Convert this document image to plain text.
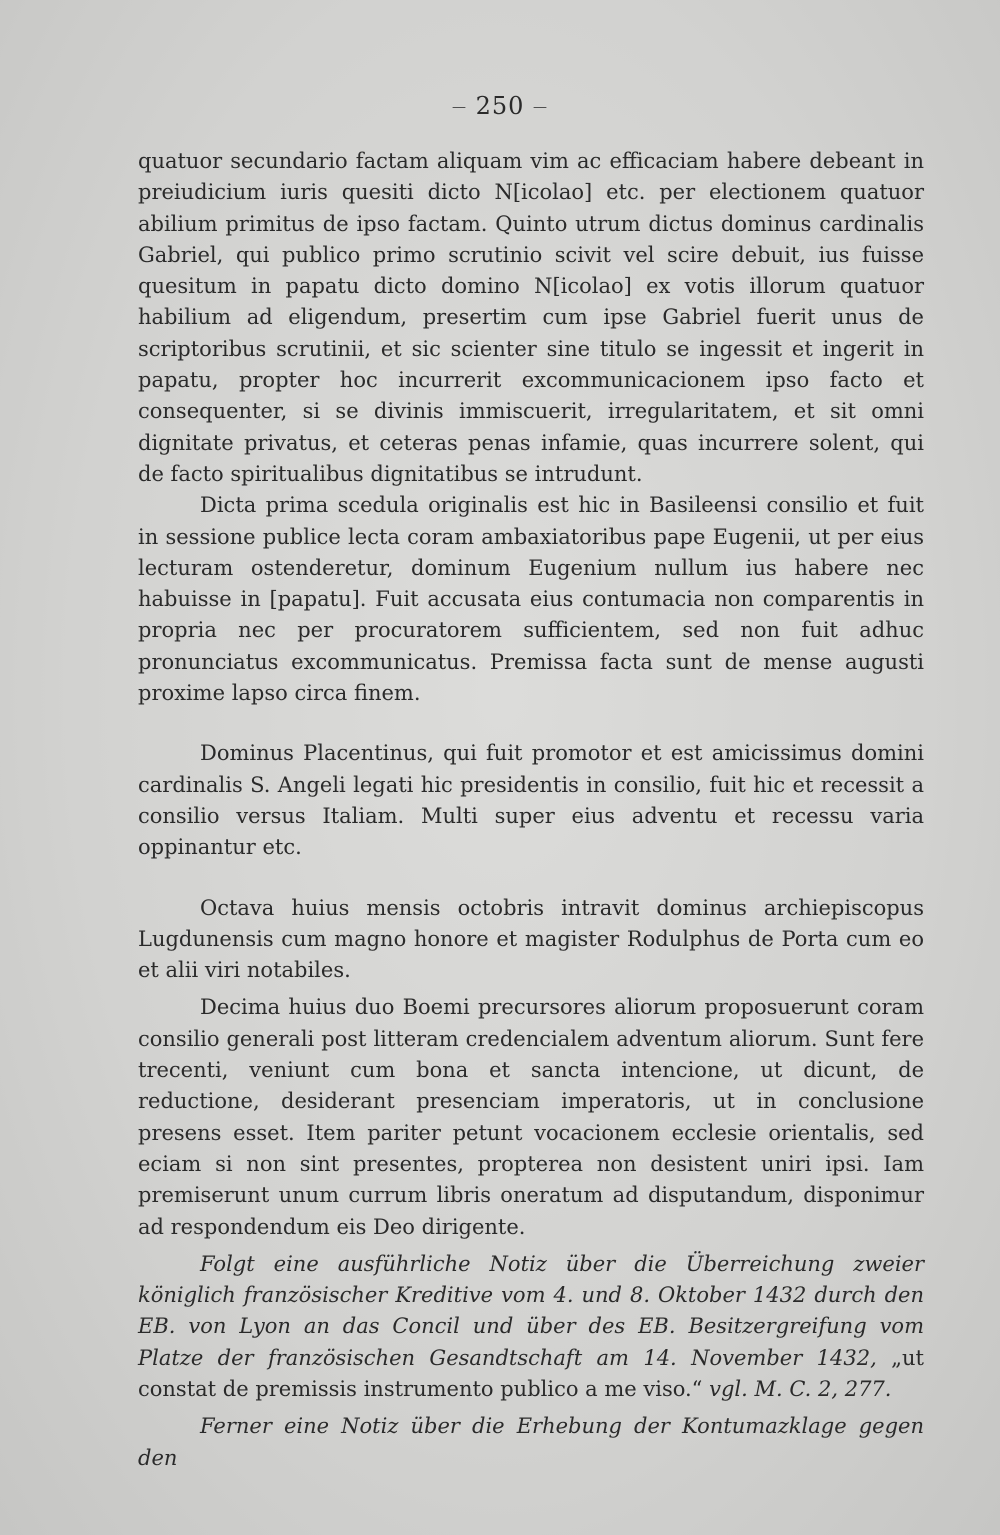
— 250 —

quatuor secundario factam aliquam vim ac efficaciam habere debeant in preiudicium iuris quesiti dicto N[icolao] etc. per electionem quatuor abilium primitus de ipso factam. Quinto utrum dictus dominus cardinalis Gabriel, qui publico primo scrutinio scivit vel scire debuit, ius fuisse quesitum in papatu dicto domino N[icolao] ex votis illorum quatuor habilium ad eligendum, presertim cum ipse Gabriel fuerit unus de scriptoribus scrutinii, et sic scienter sine titulo se ingessit et ingerit in papatu, propter hoc incurrerit excommunicacionem ipso facto et consequenter, si se divinis immiscuerit, irregularitatem, et sit omni dignitate privatus, et ceteras penas infamie, quas incurrere solent, qui de facto spiritualibus dignitatibus se intrudunt.

Dicta prima scedula originalis est hic in Basileensi consilio et fuit in sessione publice lecta coram ambaxiatoribus pape Eugenii, ut per eius lecturam ostenderetur, dominum Eugenium nullum ius habere nec habuisse in [papatu]. Fuit accusata eius contumacia non comparentis in propria nec per procuratorem sufficientem, sed non fuit adhuc pronunciatus excommunicatus. Premissa facta sunt de mense augusti proxime lapso circa finem.

Dominus Placentinus, qui fuit promotor et est amicissimus domini cardinalis S. Angeli legati hic presidentis in consilio, fuit hic et recessit a consilio versus Italiam. Multi super eius adventu et recessu varia oppinantur etc.

Octava huius mensis octobris intravit dominus archiepiscopus Lugdunensis cum magno honore et magister Rodulphus de Porta cum eo et alii viri notabiles.

Decima huius duo Boemi precursores aliorum proposuerunt coram consilio generali post litteram credencialem adventum aliorum. Sunt fere trecenti, veniunt cum bona et sancta intencione, ut dicunt, de reductione, desiderant presenciam imperatoris, ut in conclusione presens esset. Item pariter petunt vocacionem ecclesie orientalis, sed eciam si non sint presentes, propterea non desistent uniri ipsi. Iam premiserunt unum currum libris oneratum ad disputandum, disponimur ad respondendum eis Deo dirigente.

Folgt eine ausführliche Notiz über die Überreichung zweier königlich französischer Kreditive vom 4. und 8. Oktober 1432 durch den EB. von Lyon an das Concil und über des EB. Besitzergreifung vom Platze der französischen Gesandtschaft am 14. November 1432, „ut constat de premissis instrumento publico a me viso.“ vgl. M. C. 2, 277.

Ferner eine Notiz über die Erhebung der Kontumazklage gegen den
